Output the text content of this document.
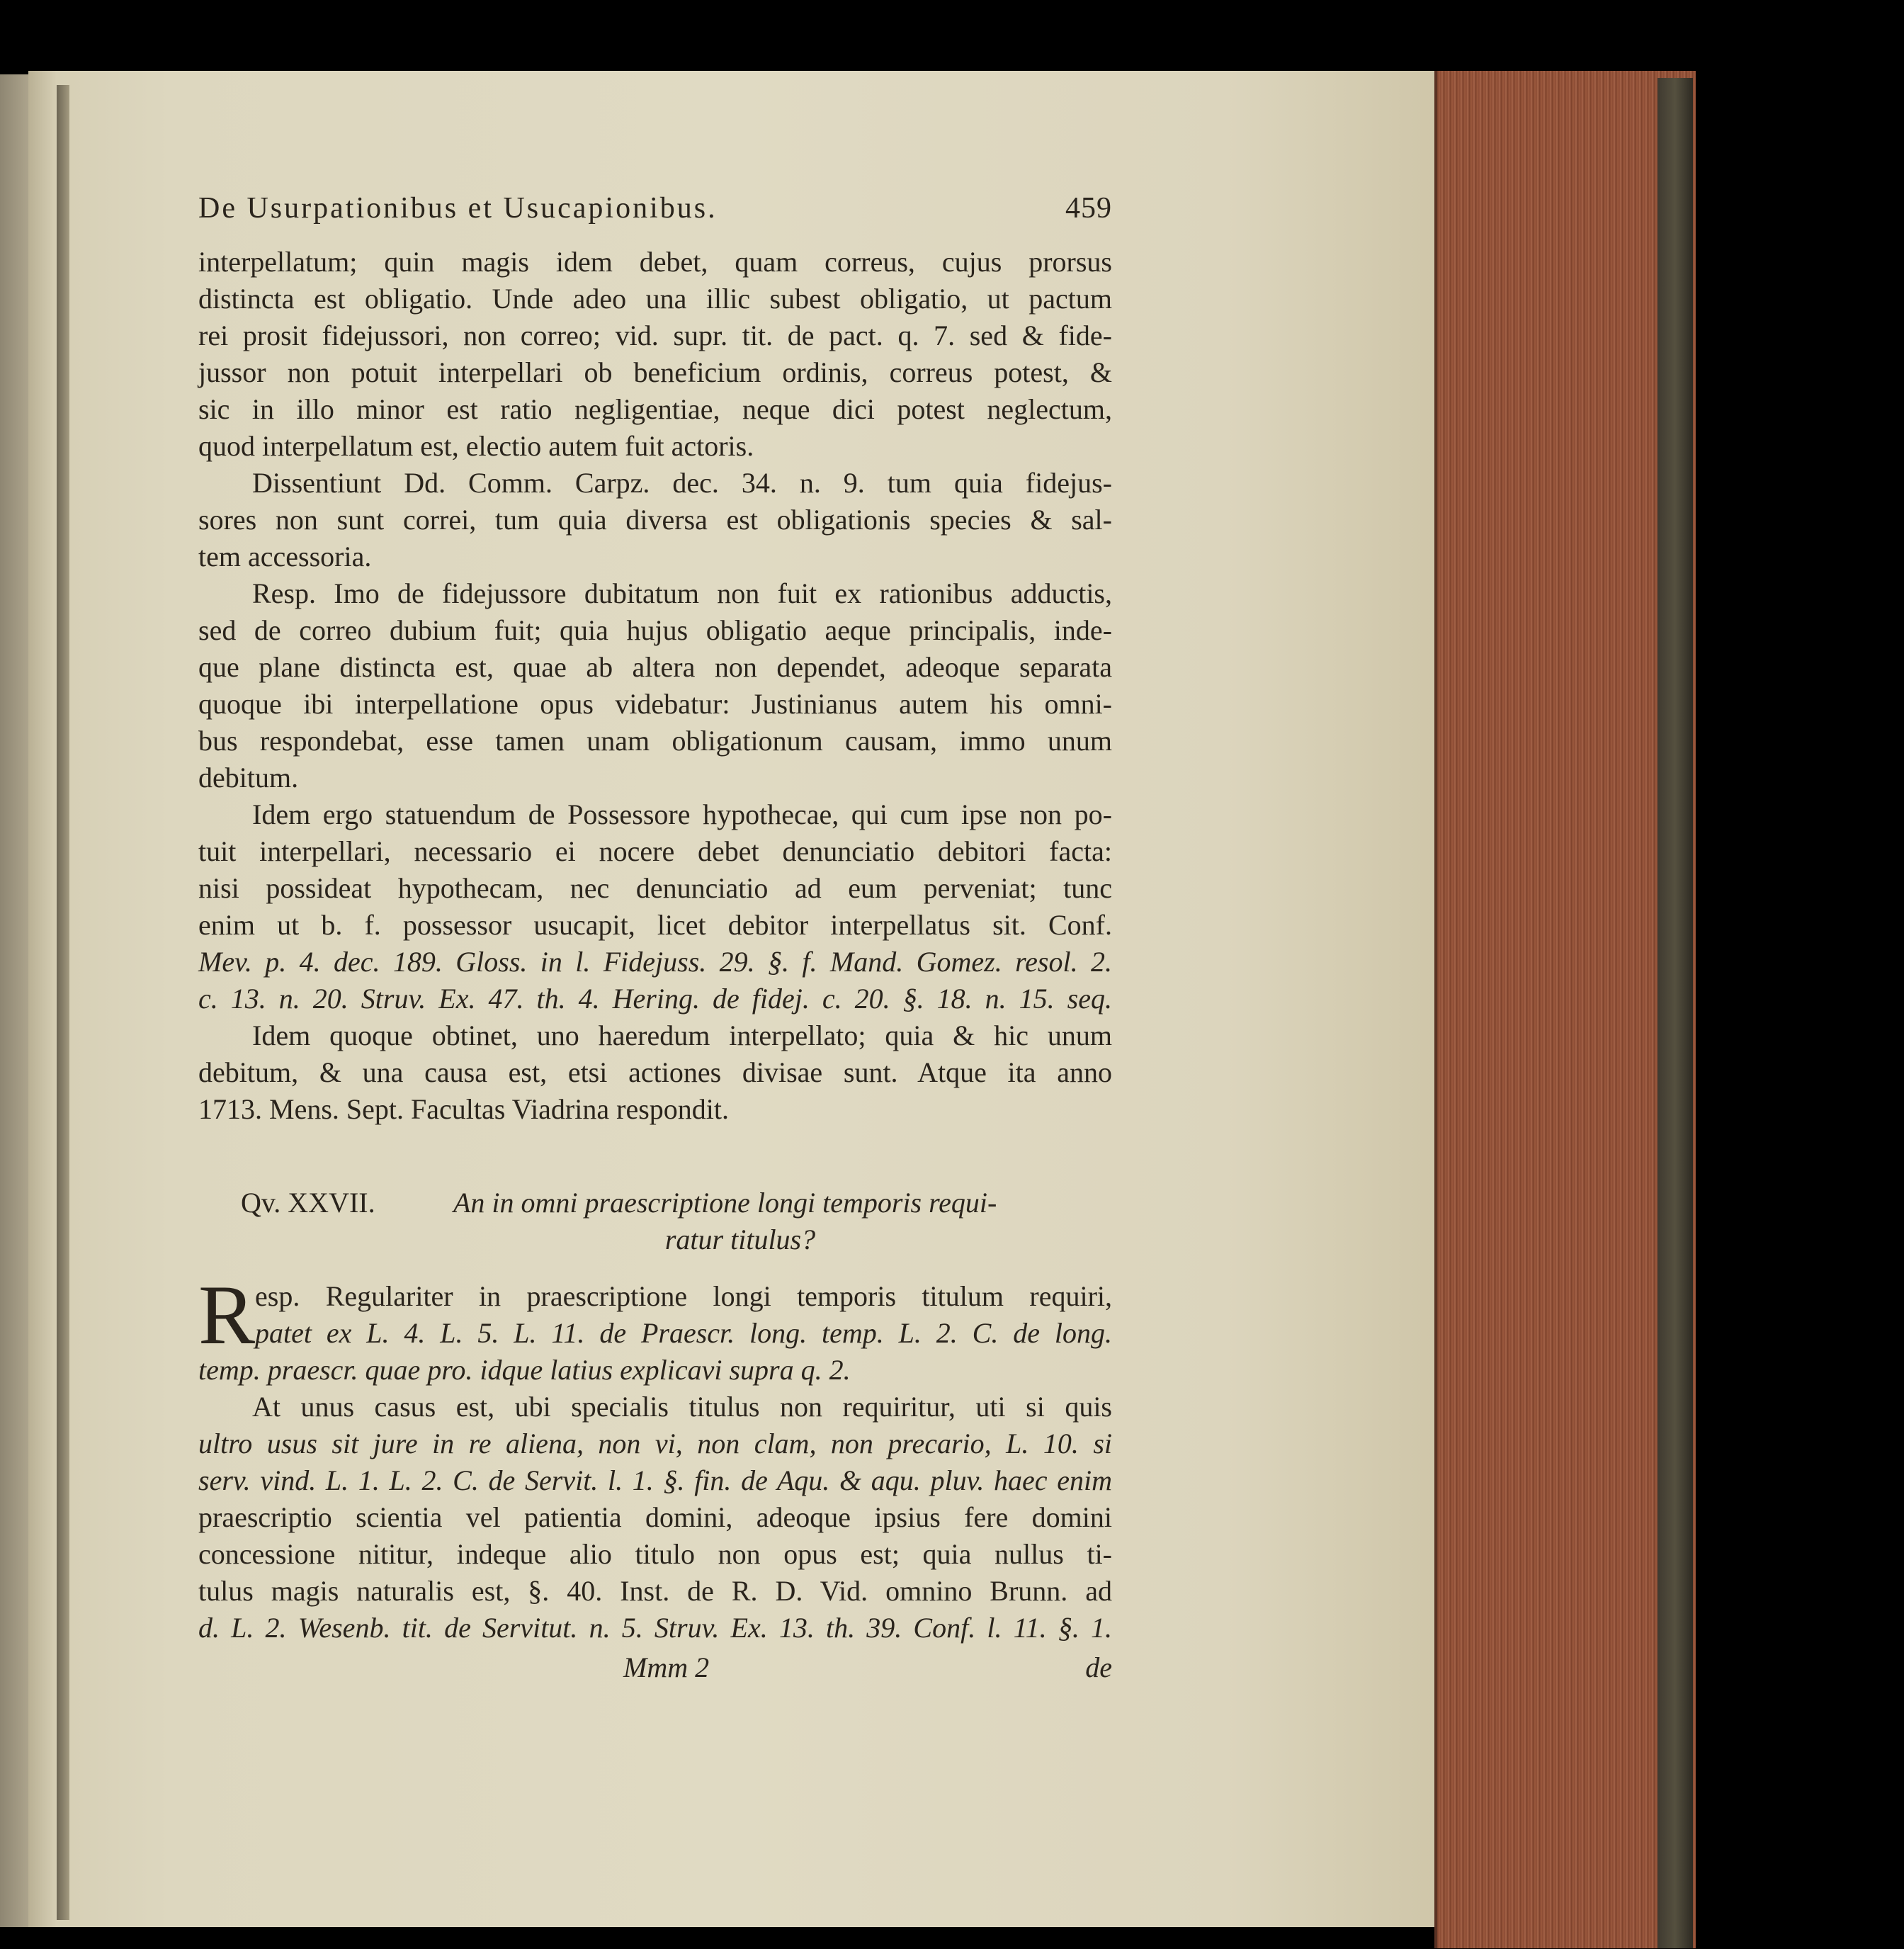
De Usurpationibus et Usucapionibus.	459
interpellatum; quin magis idem debet, quam correus, cujus prorsus
distincta est obligatio. Unde adeo una illic subest obligatio, ut pactum
rei prosit fidejussori, non correo; vid. supr. tit. de pact. q. 7. sed & fide-
jussor non potuit interpellari ob beneficium ordinis, correus potest, &
sic in illo minor est ratio negligentiae, neque dici potest neglectum,
quod interpellatum est, electio autem fuit actoris.
Dissentiunt Dd. Comm. Carpz. dec. 34. n. 9. tum quia fidejus-
sores non sunt correi, tum quia diversa est obligationis species & sal-
tem accessoria.
Resp. Imo de fidejussore dubitatum non fuit ex rationibus adductis,
sed de correo dubium fuit; quia hujus obligatio aeque principalis, inde-
que plane distincta est, quae ab altera non dependet, adeoque separata
quoque ibi interpellatione opus videbatur: Justinianus autem his omni-
bus respondebat, esse tamen unam obligationum causam, immo unum
debitum.
Idem ergo statuendum de Possessore hypothecae, qui cum ipse non po-
tuit interpellari, necessario ei nocere debet denunciatio debitori facta:
nisi possideat hypothecam, nec denunciatio ad eum perveniat; tunc
enim ut b. f. possessor usucapit, licet debitor interpellatus sit. Conf.
Mev. p. 4. dec. 189. Gloss. in l. Fidejuss. 29. §. f. Mand. Gomez. resol. 2.
c. 13. n. 20. Struv. Ex. 47. th. 4. Hering. de fidej. c. 20. §. 18. n. 15. seq.
Idem quoque obtinet, uno haeredum interpellato; quia & hic unum
debitum, & una causa est, etsi actiones divisae sunt. Atque ita anno
1713. Mens. Sept. Facultas Viadrina respondit.
Qv. XXVII.	An in omni praescriptione longi temporis requi-
ratur titulus?
R esp. Regulariter in praescriptione longi temporis titulum requiri,
patet ex L. 4. L. 5. L. 11. de Praescr. long. temp. L. 2. C. de long.
temp. praescr. quae pro. idque latius explicavi supra q. 2.
At unus casus est, ubi specialis titulus non requiritur, uti si quis
ultro usus sit jure in re aliena, non vi, non clam, non precario, L. 10. si
serv. vind. L. 1. L. 2. C. de Servit. l. 1. §. fin. de Aqu. & aqu. pluv. haec enim
praescriptio scientia vel patientia domini, adeoque ipsius fere domini
concessione nititur, indeque alio titulo non opus est; quia nullus ti-
tulus magis naturalis est, §. 40. Inst. de R. D. Vid. omnino Brunn. ad
d. L. 2. Wesenb. tit. de Servitut. n. 5. Struv. Ex. 13. th. 39. Conf. l. 11. §. 1.
Mmm 2	de
